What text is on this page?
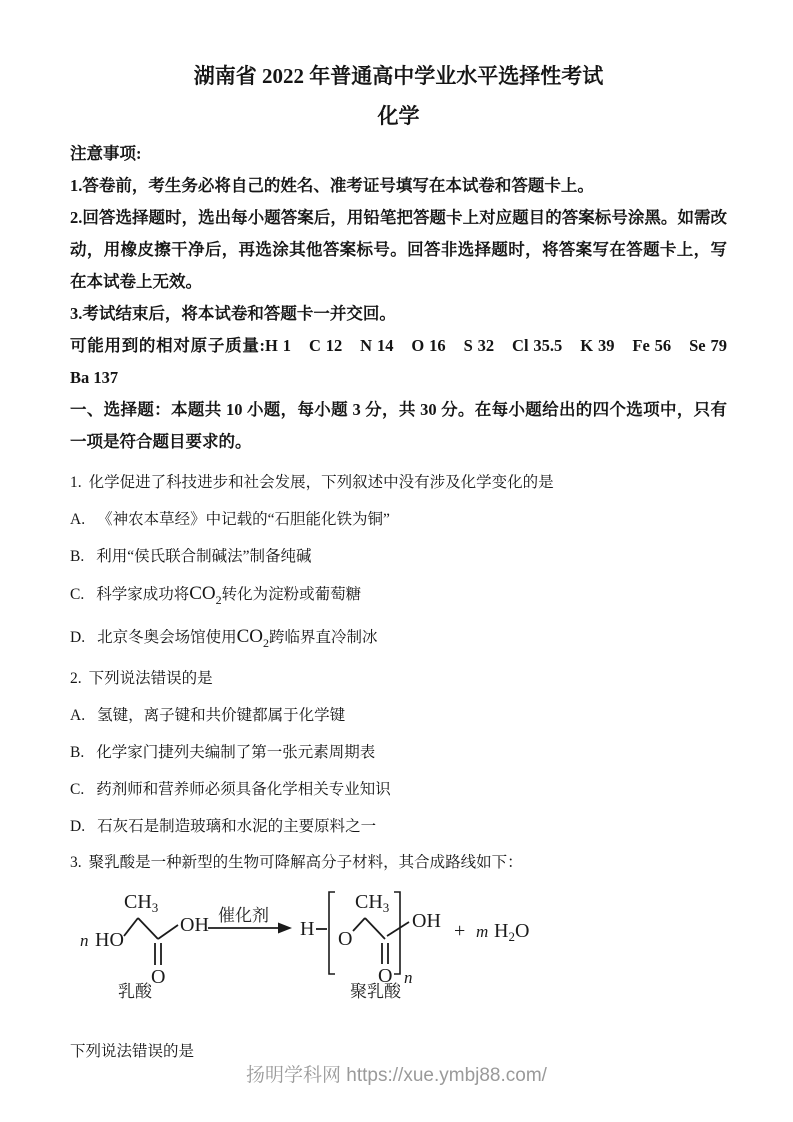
湖南省 2022 年普通高中学业水平选择性考试
化学

注意事项:

1.答卷前，考生务必将自己的姓名、准考证号填写在本试卷和答题卡上。

2.回答选择题时，选出每小题答案后，用铅笔把答题卡上对应题目的答案标号涂黑。如需改动，用橡皮擦干净后，再选涂其他答案标号。回答非选择题时，将答案写在答题卡上，写在本试卷上无效。

3.考试结束后，将本试卷和答题卡一并交回。

可能用到的相对原子质量:H 1　C 12　N 14　O 16　S 32　Cl 35.5　K 39　Fe 56　Se 79　Ba 137

一、选择题：本题共 10 小题，每小题 3 分，共 30 分。在每小题给出的四个选项中，只有一项是符合题目要求的。

1. 化学促进了科技进步和社会发展，下列叙述中没有涉及化学变化的是

A. 《神农本草经》中记载的“石胆能化铁为铜”

B. 利用“侯氏联合制碱法”制备纯碱

C. 科学家成功将$CO_2$转化为淀粉或葡萄糖

D. 北京冬奥会场馆使用$CO_2$跨临界直冷制冰

2. 下列说法错误的是

A. 氢键，离子键和共价键都属于化学键

B. 化学家门捷列夫编制了第一张元素周期表

C. 药剂师和营养师必须具备化学相关专业知识

D. 石灰石是制造玻璃和水泥的主要原料之一

3. 聚乳酸是一种新型的生物可降解高分子材料，其合成路线如下：

n HO
$CH_3$
OH
O
乳酸
催化剂
H O
$CH_3$
O n
OH
聚乳酸
+ m $H_2O$

下列说法错误的是

扬明学科网 https://xue.ymbj88.com/
